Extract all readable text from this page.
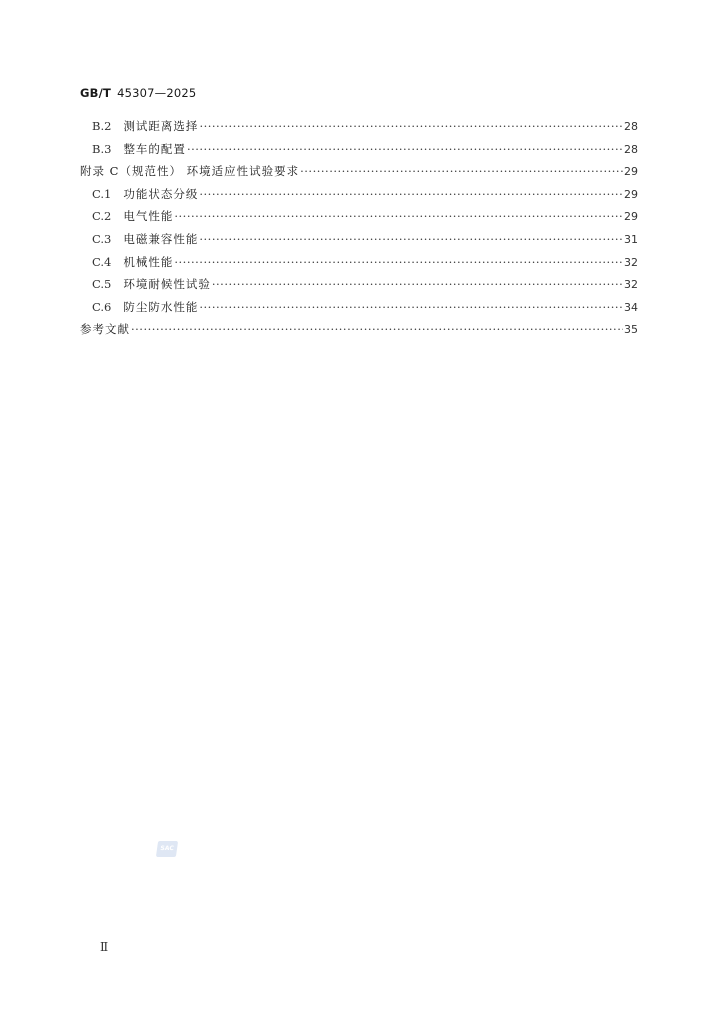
GB/T 45307—2025
B.2 测试距离选择 ·····	28
B.3 整车的配置 ·····	28
附录 C（规范性） 环境适应性试验要求 ·····	29
C.1 功能状态分级 ·····	29
C.2 电气性能 ·····	29
C.3 电磁兼容性能 ·····	31
C.4 机械性能 ·····	32
C.5 环境耐候性试验 ·····	32
C.6 防尘防水性能 ·····	34
参考文献 ·····	35
SAC
Ⅱ
